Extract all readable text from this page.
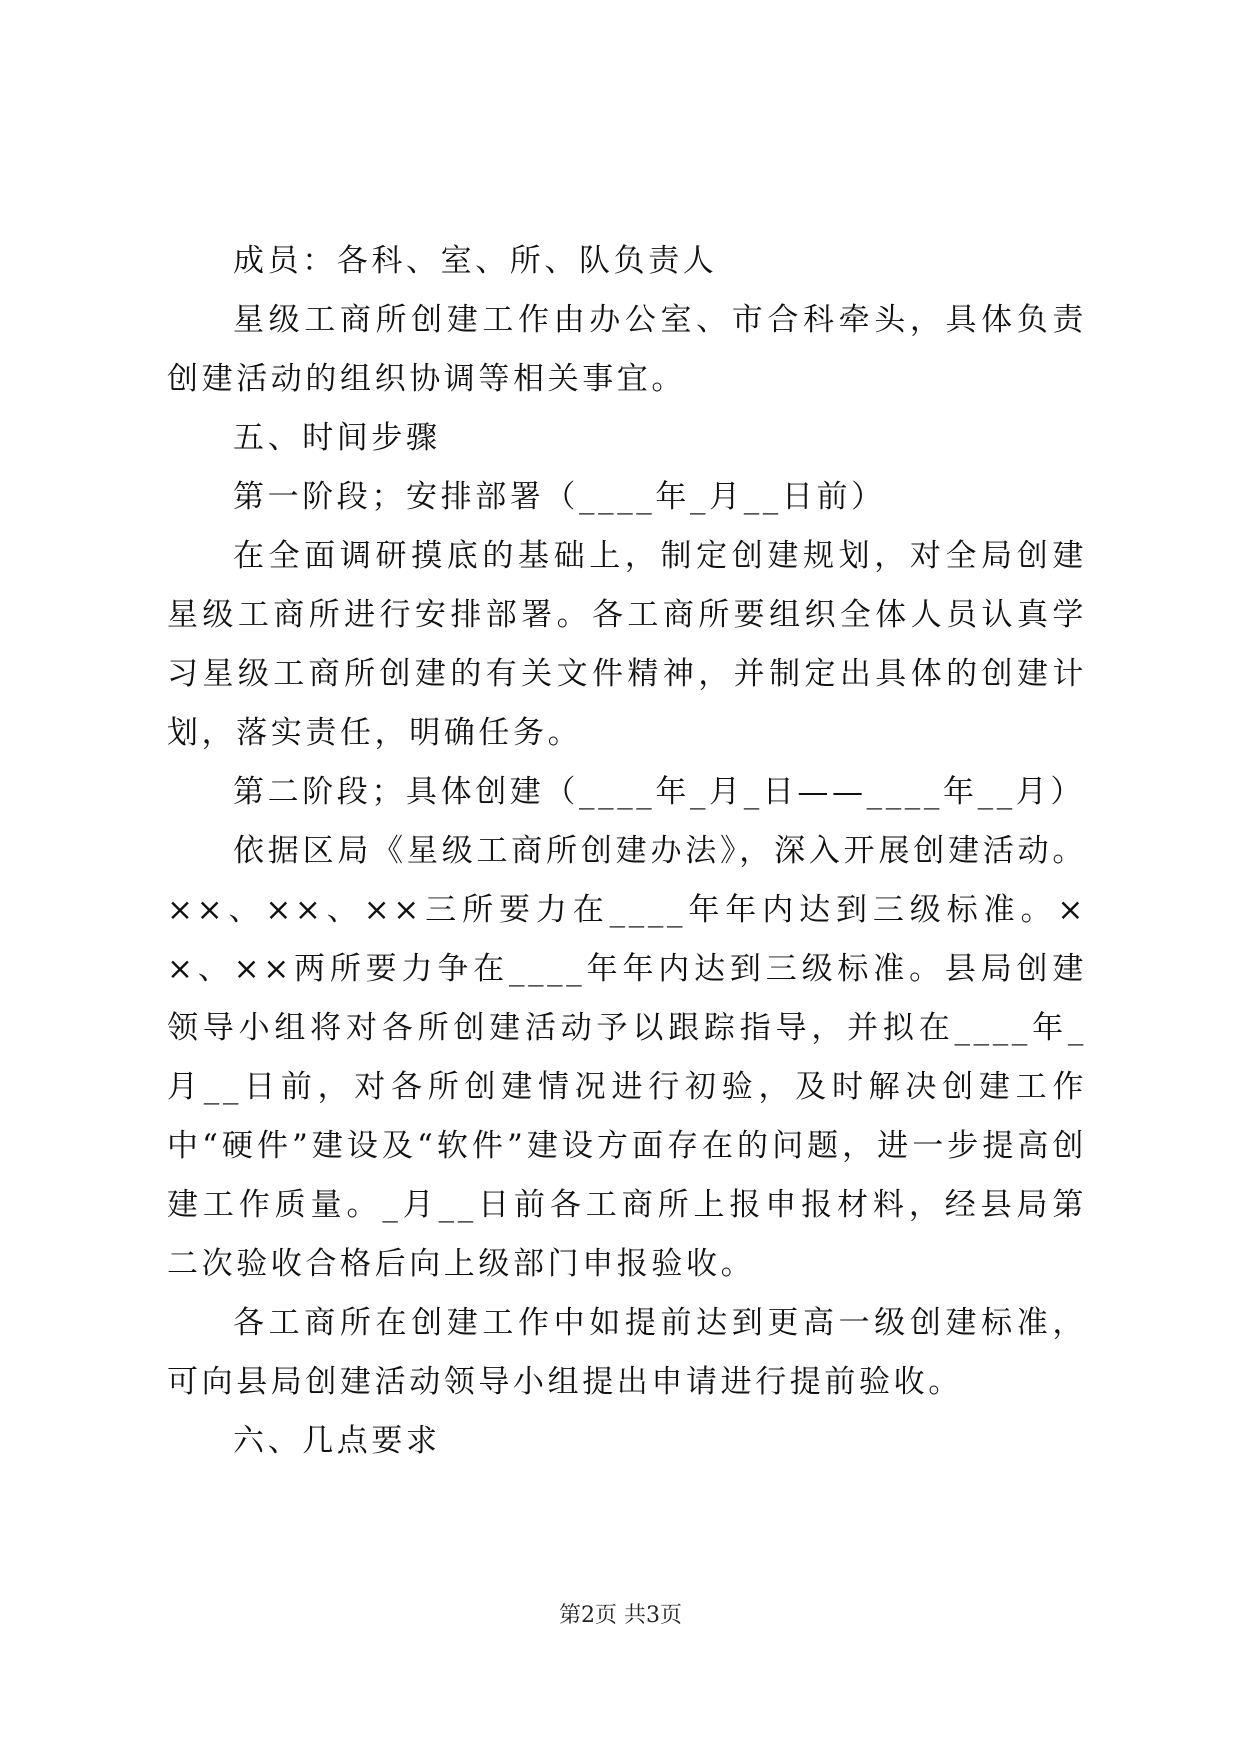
成员：各科、室、所、队负责人

星级工商所创建工作由办公室、市合科牵头，具体负责创建活动的组织协调等相关事宜。

五、时间步骤

第一阶段；安排部署（____年_月__日前）

在全面调研摸底的基础上，制定创建规划，对全局创建星级工商所进行安排部署。各工商所要组织全体人员认真学习星级工商所创建的有关文件精神，并制定出具体的创建计划，落实责任，明确任务。

第二阶段；具体创建（____年_月_日——____年__月）

依据区局《星级工商所创建办法》，深入开展创建活动。××、××、××三所要力在____年年内达到三级标准。××、××两所要力争在____年年内达到三级标准。县局创建领导小组将对各所创建活动予以跟踪指导，并拟在____年_月__日前，对各所创建情况进行初验，及时解决创建工作中“硬件”建设及“软件”建设方面存在的问题，进一步提高创建工作质量。_月__日前各工商所上报申报材料，经县局第二次验收合格后向上级部门申报验收。

各工商所在创建工作中如提前达到更高一级创建标准，可向县局创建活动领导小组提出申请进行提前验收。

六、几点要求

第2页 共3页
